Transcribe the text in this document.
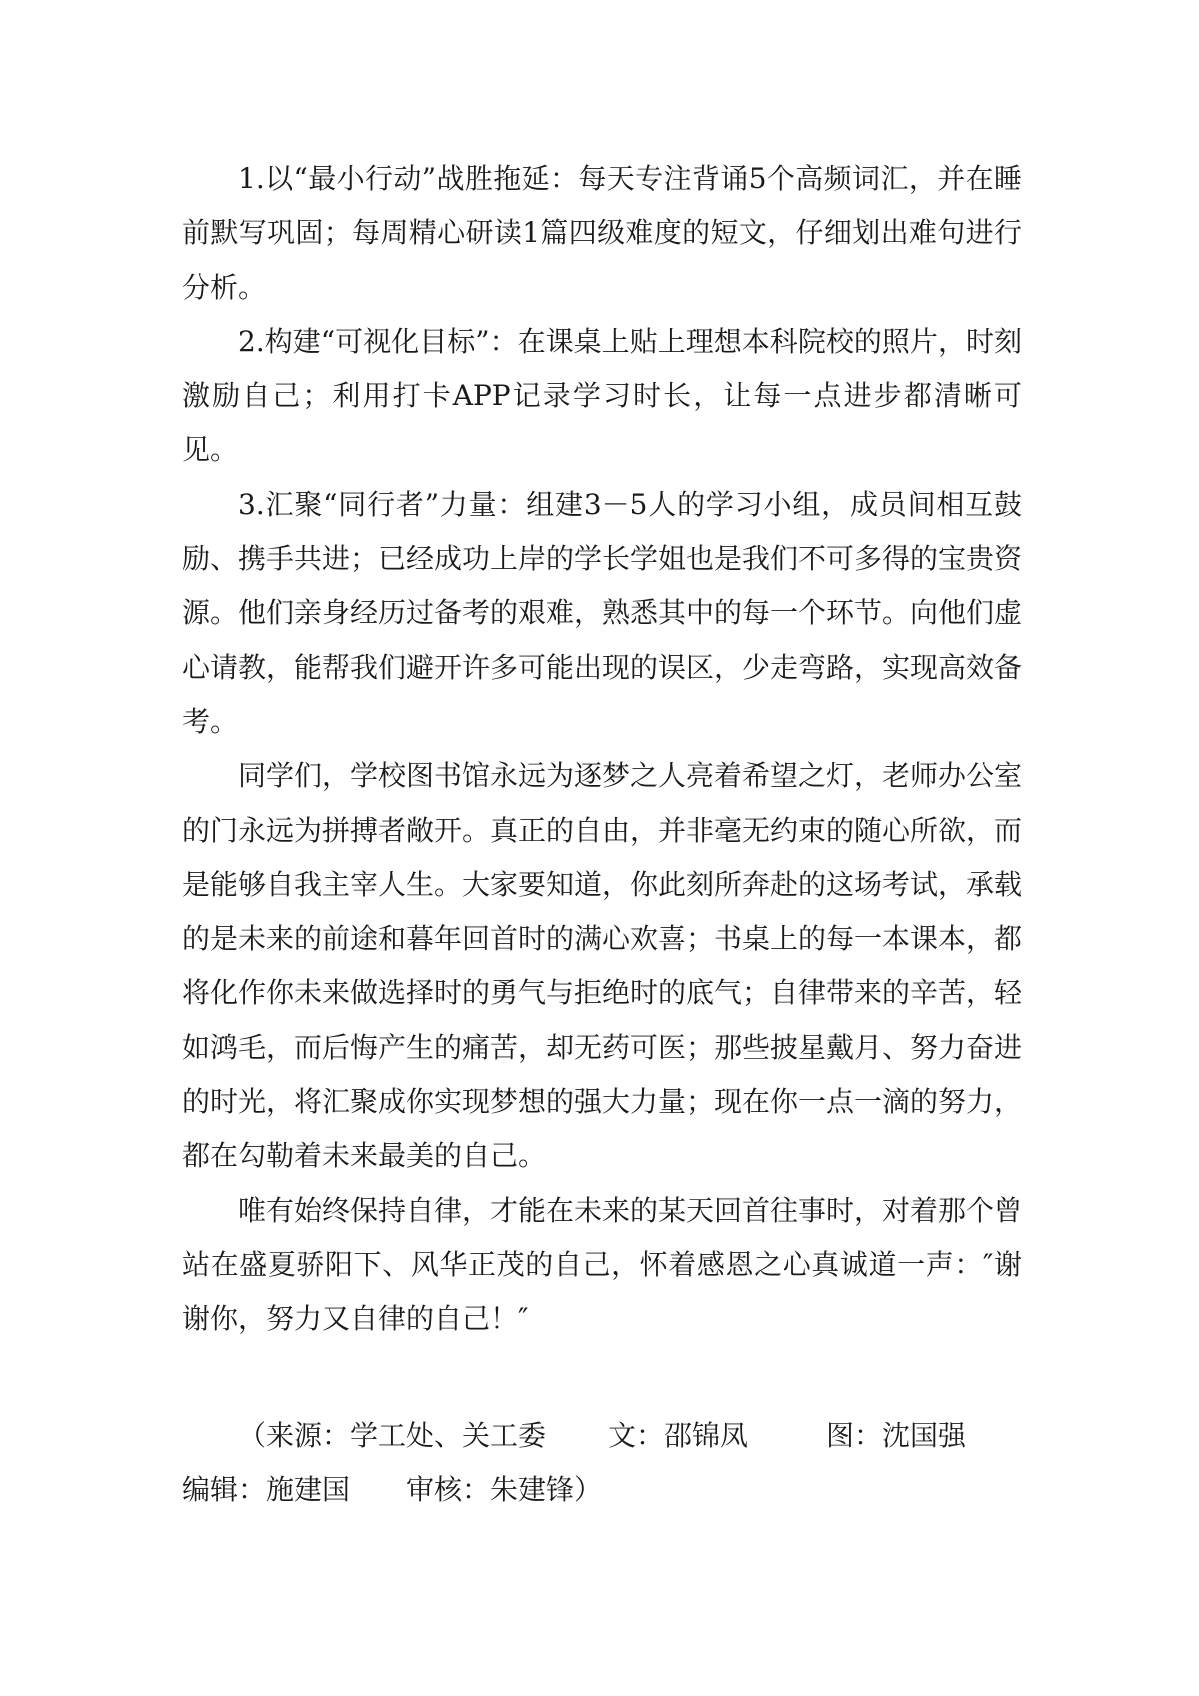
1.以“最小行动”战胜拖延：每天专注背诵5个高频词汇，并在睡前默写巩固；每周精心研读1篇四级难度的短文，仔细划出难句进行分析。

2.构建“可视化目标”：在课桌上贴上理想本科院校的照片，时刻激励自己；利用打卡APP记录学习时长，让每一点进步都清晰可见。

3.汇聚“同行者”力量：组建3－5人的学习小组，成员间相互鼓励、携手共进；已经成功上岸的学长学姐也是我们不可多得的宝贵资源。他们亲身经历过备考的艰难，熟悉其中的每一个环节。向他们虚心请教，能帮我们避开许多可能出现的误区，少走弯路，实现高效备考。

同学们，学校图书馆永远为逐梦之人亮着希望之灯，老师办公室的门永远为拼搏者敞开。真正的自由，并非毫无约束的随心所欲，而是能够自我主宰人生。大家要知道，你此刻所奔赴的这场考试，承载的是未来的前途和暮年回首时的满心欢喜；书桌上的每一本课本，都将化作你未来做选择时的勇气与拒绝时的底气；自律带来的辛苦，轻如鸿毛，而后悔产生的痛苦，却无药可医；那些披星戴月、努力奋进的时光，将汇聚成你实现梦想的强大力量；现在你一点一滴的努力，都在勾勒着未来最美的自己。

唯有始终保持自律，才能在未来的某天回首往事时，对着那个曾站在盛夏骄阳下、风华正茂的自己，怀着感恩之心真诚道一声：″谢谢你，努力又自律的自己！″

（来源：学工处、关工委	文：邵锦凤	图：沈国强
编辑：施建国	审核：朱建锋）
